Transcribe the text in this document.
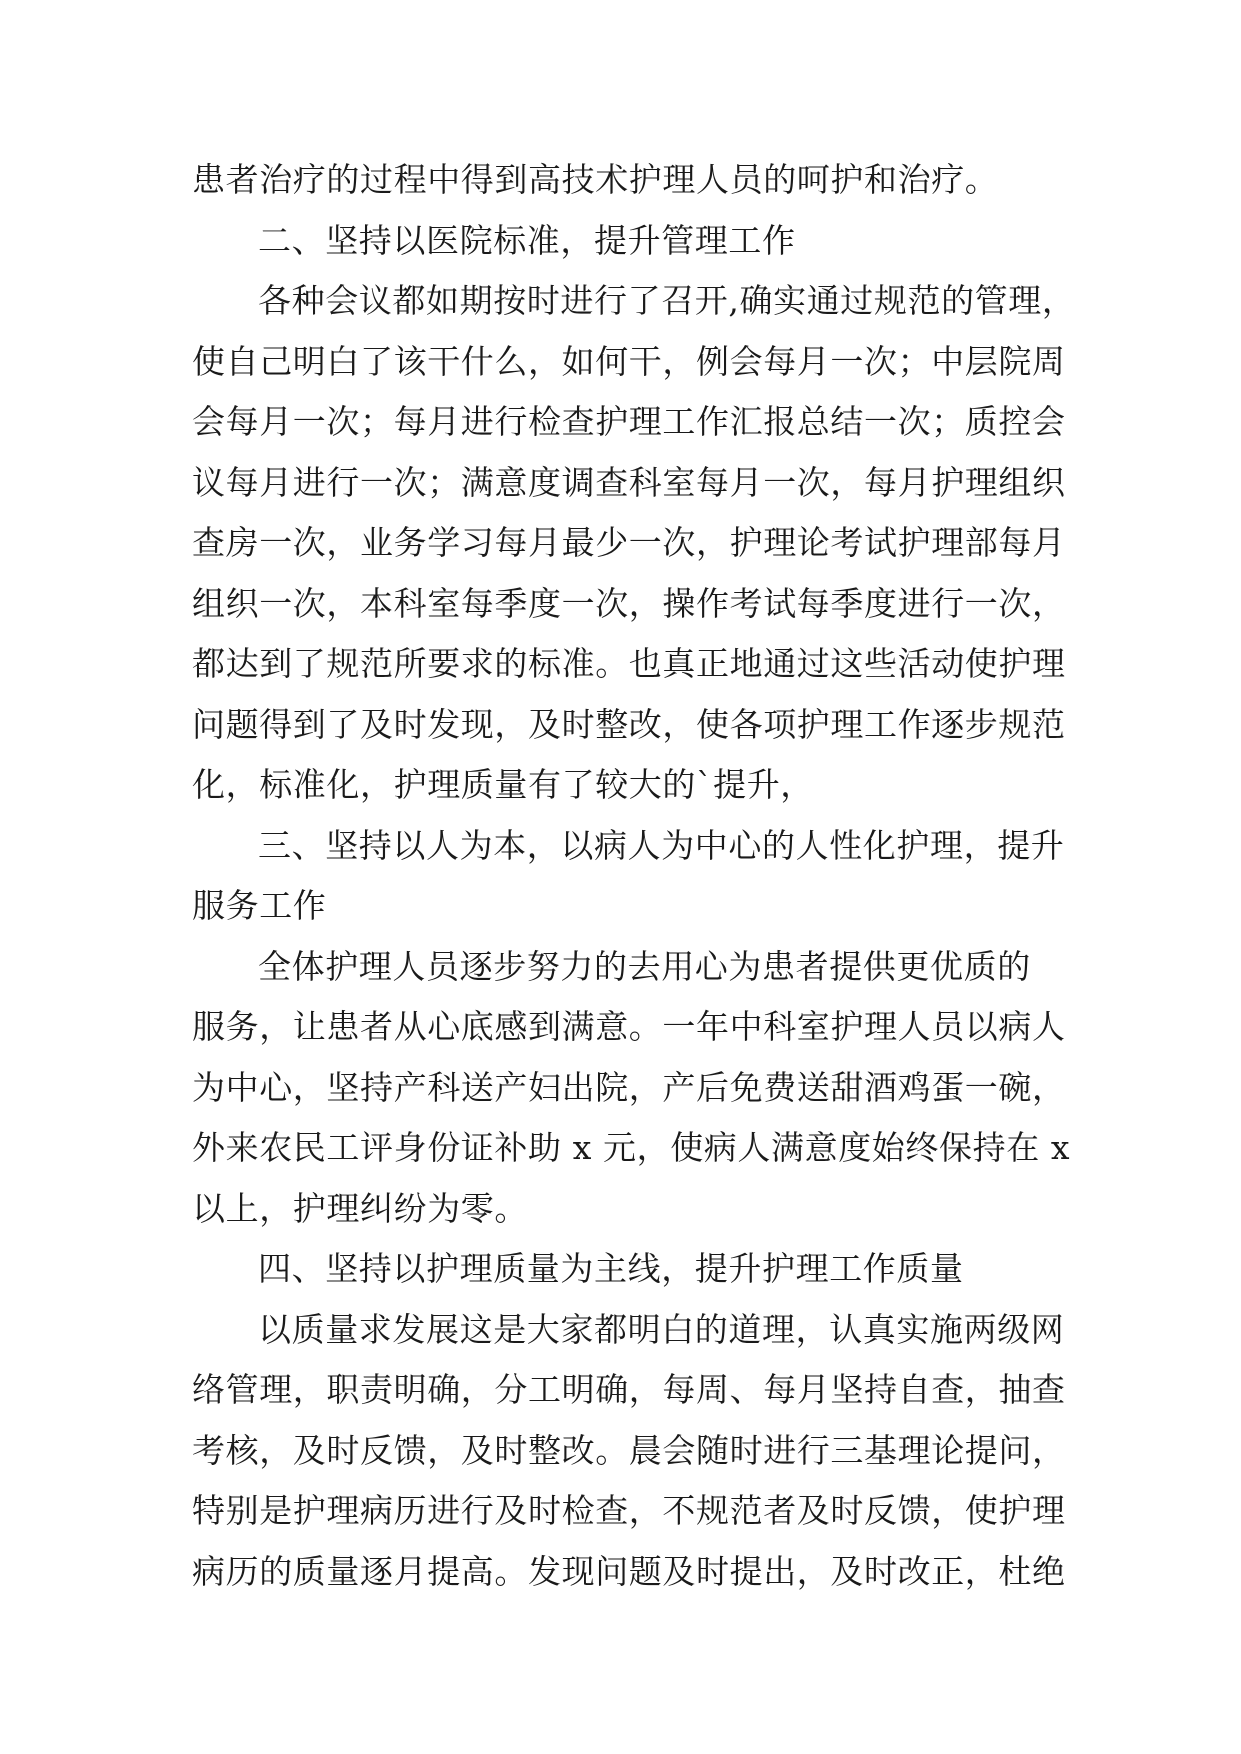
患者治疗的过程中得到高技术护理人员的呵护和治疗。
二、坚持以医院标准，提升管理工作
各种会议都如期按时进行了召开,确实通过规范的管理，
使自己明白了该干什么，如何干，例会每月一次；中层院周
会每月一次；每月进行检查护理工作汇报总结一次；质控会
议每月进行一次；满意度调查科室每月一次，每月护理组织
查房一次，业务学习每月最少一次，护理论考试护理部每月
组织一次，本科室每季度一次，操作考试每季度进行一次，
都达到了规范所要求的标准。也真正地通过这些活动使护理
问题得到了及时发现，及时整改，使各项护理工作逐步规范
化，标准化，护理质量有了较大的`提升，
三、坚持以人为本，以病人为中心的人性化护理，提升
服务工作
全体护理人员逐步努力的去用心为患者提供更优质的
服务，让患者从心底感到满意。一年中科室护理人员以病人
为中心，坚持产科送产妇出院，产后免费送甜酒鸡蛋一碗，
外来农民工评身份证补助 x 元，使病人满意度始终保持在 x
以上，护理纠纷为零。
四、坚持以护理质量为主线，提升护理工作质量
以质量求发展这是大家都明白的道理，认真实施两级网
络管理，职责明确，分工明确，每周、每月坚持自查，抽查
考核，及时反馈，及时整改。晨会随时进行三基理论提问，
特别是护理病历进行及时检查，不规范者及时反馈，使护理
病历的质量逐月提高。发现问题及时提出，及时改正，杜绝
